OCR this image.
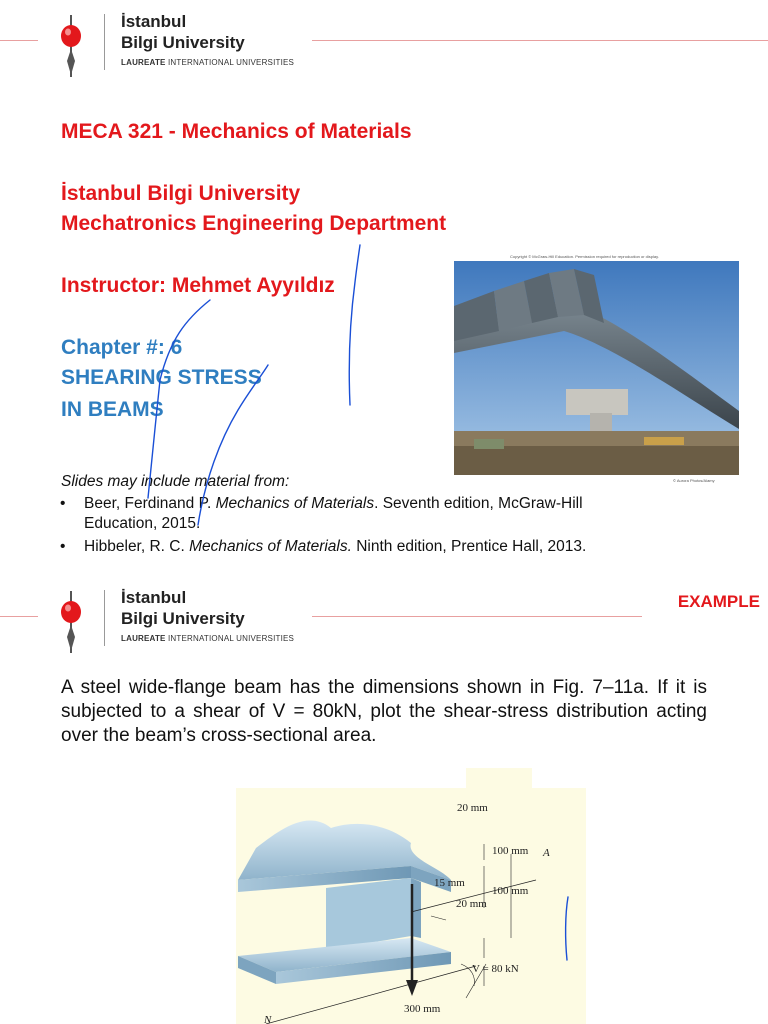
İstanbul
Bilgi University
LAUREATE INTERNATIONAL UNIVERSITIES
MECA 321 - Mechanics of Materials
İstanbul Bilgi University
Mechatronics Engineering Department
Instructor: Mehmet Ayyıldız
Chapter #: 6
SHEARING STRESS
IN BEAMS
Slides may include material from:
• Beer, Ferdinand P. Mechanics of Materials. Seventh edition, McGraw-Hill
Education, 2015.
• Hibbeler, R. C. Mechanics of Materials. Ninth edition, Prentice Hall, 2013.
Copyright © McGraw-Hill Education. Permission required for reproduction or display.
© Aurora Photos/Alamy
İstanbul
Bilgi University
LAUREATE INTERNATIONAL UNIVERSITIES
EXAMPLE
A steel wide-flange beam has the dimensions shown in Fig. 7–11a. If it is subjected to a shear of V = 80kN, plot the shear-stress distribution acting over the beam’s cross-sectional area.
20 mm
100 mm A
15 mm
100 mm
20 mm
V = 80 kN
300 mm
N
